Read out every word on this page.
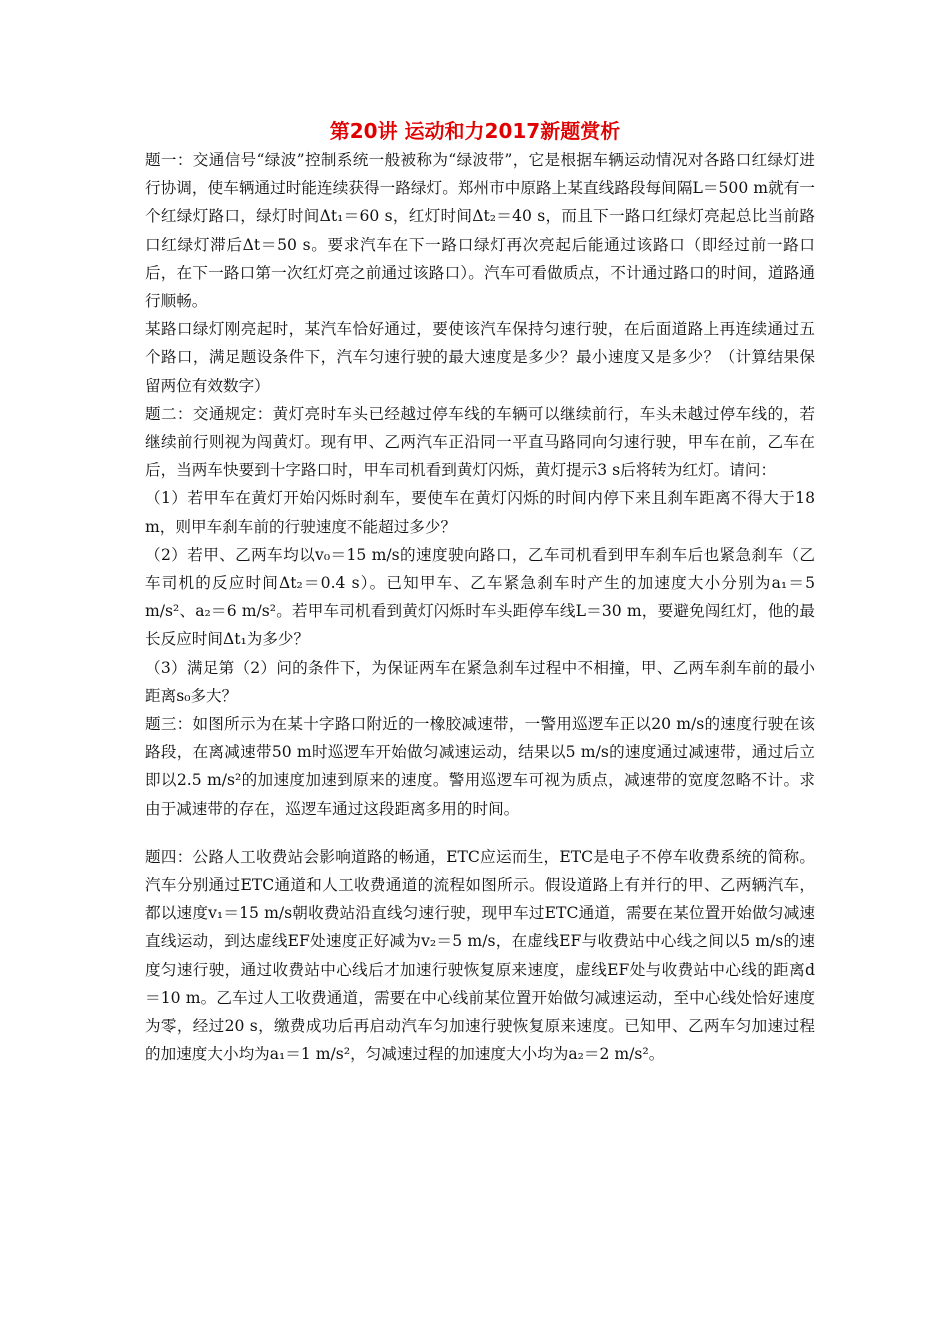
第20讲 运动和力2017新题赏析

题一：交通信号“绿波”控制系统一般被称为“绿波带”，它是根据车辆运动情况对各路口红绿灯进行协调，使车辆通过时能连续获得一路绿灯。郑州市中原路上某直线路段每间隔L＝500 m就有一个红绿灯路口，绿灯时间Δt₁＝60 s，红灯时间Δt₂＝40 s，而且下一路口红绿灯亮起总比当前路口红绿灯滞后Δt＝50 s。要求汽车在下一路口绿灯再次亮起后能通过该路口（即经过前一路口后，在下一路口第一次红灯亮之前通过该路口）。汽车可看做质点，不计通过路口的时间，道路通行顺畅。

某路口绿灯刚亮起时，某汽车恰好通过，要使该汽车保持匀速行驶，在后面道路上再连续通过五个路口，满足题设条件下，汽车匀速行驶的最大速度是多少？最小速度又是多少？（计算结果保留两位有效数字）

题二：交通规定：黄灯亮时车头已经越过停车线的车辆可以继续前行，车头未越过停车线的，若继续前行则视为闯黄灯。现有甲、乙两汽车正沿同一平直马路同向匀速行驶，甲车在前，乙车在后，当两车快要到十字路口时，甲车司机看到黄灯闪烁，黄灯提示3 s后将转为红灯。请问：

（1）若甲车在黄灯开始闪烁时刹车，要使车在黄灯闪烁的时间内停下来且刹车距离不得大于18 m，则甲车刹车前的行驶速度不能超过多少？

（2）若甲、乙两车均以v₀＝15 m/s的速度驶向路口，乙车司机看到甲车刹车后也紧急刹车（乙车司机的反应时间Δt₂＝0.4 s）。已知甲车、乙车紧急刹车时产生的加速度大小分别为a₁＝5 m/s²、a₂＝6 m/s²。若甲车司机看到黄灯闪烁时车头距停车线L＝30 m，要避免闯红灯，他的最长反应时间Δt₁为多少？

（3）满足第（2）问的条件下，为保证两车在紧急刹车过程中不相撞，甲、乙两车刹车前的最小距离s₀多大？

题三：如图所示为在某十字路口附近的一橡胶减速带，一警用巡逻车正以20 m/s的速度行驶在该路段，在离减速带50 m时巡逻车开始做匀减速运动，结果以5 m/s的速度通过减速带，通过后立即以2.5 m/s²的加速度加速到原来的速度。警用巡逻车可视为质点，减速带的宽度忽略不计。求由于减速带的存在，巡逻车通过这段距离多用的时间。

题四：公路人工收费站会影响道路的畅通，ETC应运而生，ETC是电子不停车收费系统的简称。汽车分别通过ETC通道和人工收费通道的流程如图所示。假设道路上有并行的甲、乙两辆汽车，都以速度v₁＝15 m/s朝收费站沿直线匀速行驶，现甲车过ETC通道，需要在某位置开始做匀减速直线运动，到达虚线EF处速度正好减为v₂＝5 m/s，在虚线EF与收费站中心线之间以5 m/s的速度匀速行驶，通过收费站中心线后才加速行驶恢复原来速度，虚线EF处与收费站中心线的距离d＝10 m。乙车过人工收费通道，需要在中心线前某位置开始做匀减速运动，至中心线处恰好速度为零，经过20 s，缴费成功后再启动汽车匀加速行驶恢复原来速度。已知甲、乙两车匀加速过程的加速度大小均为a₁＝1 m/s²，匀减速过程的加速度大小均为a₂＝2 m/s²。
